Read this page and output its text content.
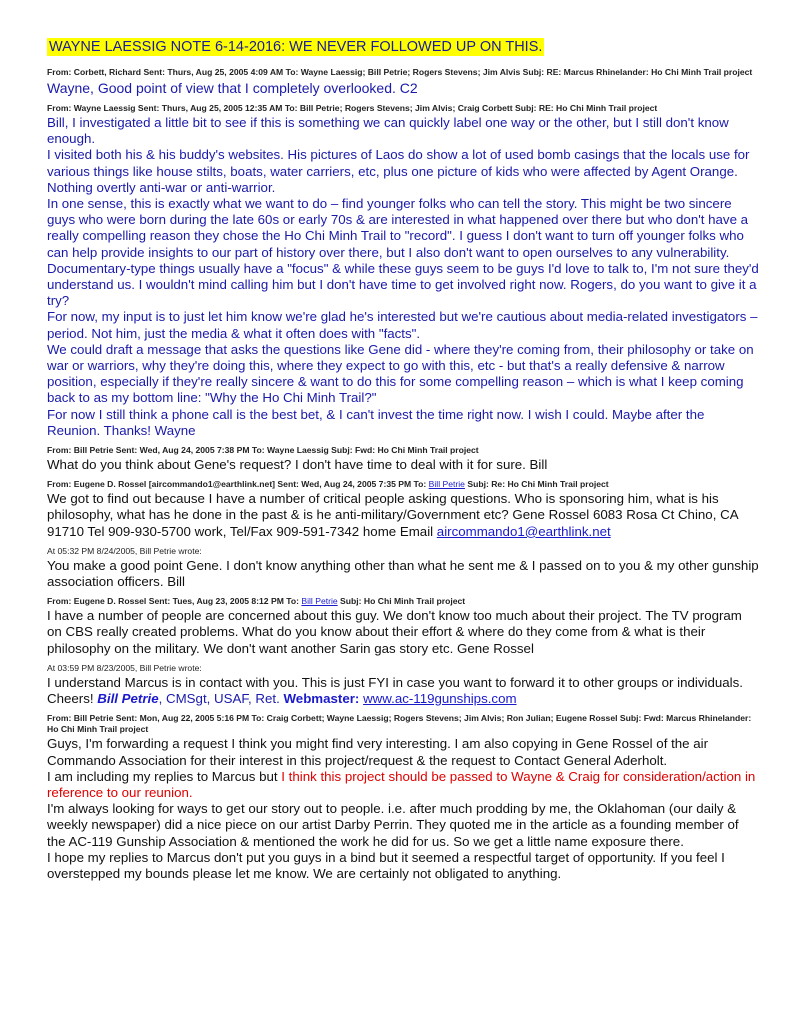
WAYNE LAESSIG NOTE 6-14-2016: WE NEVER FOLLOWED UP ON THIS.
From: Corbett, Richard Sent: Thurs, Aug 25, 2005 4:09 AM To: Wayne Laessig; Bill Petrie; Rogers Stevens; Jim Alvis Subj: RE: Marcus Rhinelander: Ho Chi Minh Trail project

Wayne, Good point of view that I completely overlooked. C2

From: Wayne Laessig Sent: Thurs, Aug 25, 2005 12:35 AM To: Bill Petrie; Rogers Stevens; Jim Alvis; Craig Corbett Subj: RE: Ho Chi Minh Trail project

Bill, I investigated a little bit to see if this is something we can quickly label one way or the other, but I still don't know enough.

I visited both his & his buddy's websites. His pictures of Laos do show a lot of used bomb casings that the locals use for various things like house stilts, boats, water carriers, etc, plus one picture of kids who were affected by Agent Orange. Nothing overtly anti-war or anti-warrior.

In one sense, this is exactly what we want to do – find younger folks who can tell the story. This might be two sincere guys who were born during the late 60s or early 70s & are interested in what happened over there but who don't have a really compelling reason they chose the Ho Chi Minh Trail to "record". I guess I don't want to turn off younger folks who can help provide insights to our part of history over there, but I also don't want to open ourselves to any vulnerability.

Documentary-type things usually have a "focus" & while these guys seem to be guys I'd love to talk to, I'm not sure they'd understand us. I wouldn't mind calling him but I don't have time to get involved right now. Rogers, do you want to give it a try?

For now, my input is to just let him know we're glad he's interested but we're cautious about media-related investigators – period. Not him, just the media & what it often does with "facts".

We could draft a message that asks the questions like Gene did - where they're coming from, their philosophy or take on war or warriors, why they're doing this, where they expect to go with this, etc - but that's a really defensive & narrow position, especially if they're really sincere & want to do this for some compelling reason – which is what I keep coming back to as my bottom line: "Why the Ho Chi Minh Trail?"

For now I still think a phone call is the best bet, & I can't invest the time right now. I wish I could. Maybe after the Reunion. Thanks! Wayne

From: Bill Petrie Sent: Wed, Aug 24, 2005 7:38 PM To: Wayne Laessig Subj: Fwd: Ho Chi Minh Trail project

What do you think about Gene's request? I don't have time to deal with it for sure. Bill

From: Eugene D. Rossel [aircommando1@earthlink.net] Sent: Wed, Aug 24, 2005 7:35 PM To: Bill Petrie Subj: Re: Ho Chi Minh Trail project

We got to find out because I have a number of critical people asking questions. Who is sponsoring him, what is his philosophy, what has he done in the past & is he anti-military/Government etc? Gene Rossel 6083 Rosa Ct Chino, CA 91710 Tel 909-930-5700 work, Tel/Fax 909-591-7342 home Email aircommando1@earthlink.net

At 05:32 PM 8/24/2005, Bill Petrie wrote:

You make a good point Gene. I don't know anything other than what he sent me & I passed on to you & my other gunship association officers. Bill

From: Eugene D. Rossel Sent: Tues, Aug 23, 2005 8:12 PM To: Bill Petrie Subj: Ho Chi Minh Trail project

I have a number of people are concerned about this guy. We don't know too much about their project. The TV program on CBS really created problems. What do you know about their effort & where do they come from & what is their philosophy on the military. We don't want another Sarin gas story etc. Gene Rossel

At 03:59 PM 8/23/2005, Bill Petrie wrote:

I understand Marcus is in contact with you. This is just FYI in case you want to forward it to other groups or individuals. Cheers! Bill Petrie, CMSgt, USAF, Ret. Webmaster: www.ac-119gunships.com

From: Bill Petrie Sent: Mon, Aug 22, 2005 5:16 PM To: Craig Corbett; Wayne Laessig; Rogers Stevens; Jim Alvis; Ron Julian; Eugene Rossel Subj: Fwd: Marcus Rhinelander: Ho Chi Minh Trail project

Guys, I'm forwarding a request I think you might find very interesting. I am also copying in Gene Rossel of the air Commando Association for their interest in this project/request & the request to Contact General Aderholt.

I am including my replies to Marcus but I think this project should be passed to Wayne & Craig for consideration/action in reference to our reunion.

I'm always looking for ways to get our story out to people. i.e. after much prodding by me, the Oklahoman (our daily & weekly newspaper) did a nice piece on our artist Darby Perrin. They quoted me in the article as a founding member of the AC-119 Gunship Association & mentioned the work he did for us. So we get a little name exposure there.

I hope my replies to Marcus don't put you guys in a bind but it seemed a respectful target of opportunity. If you feel I overstepped my bounds please let me know. We are certainly not obligated to anything.
